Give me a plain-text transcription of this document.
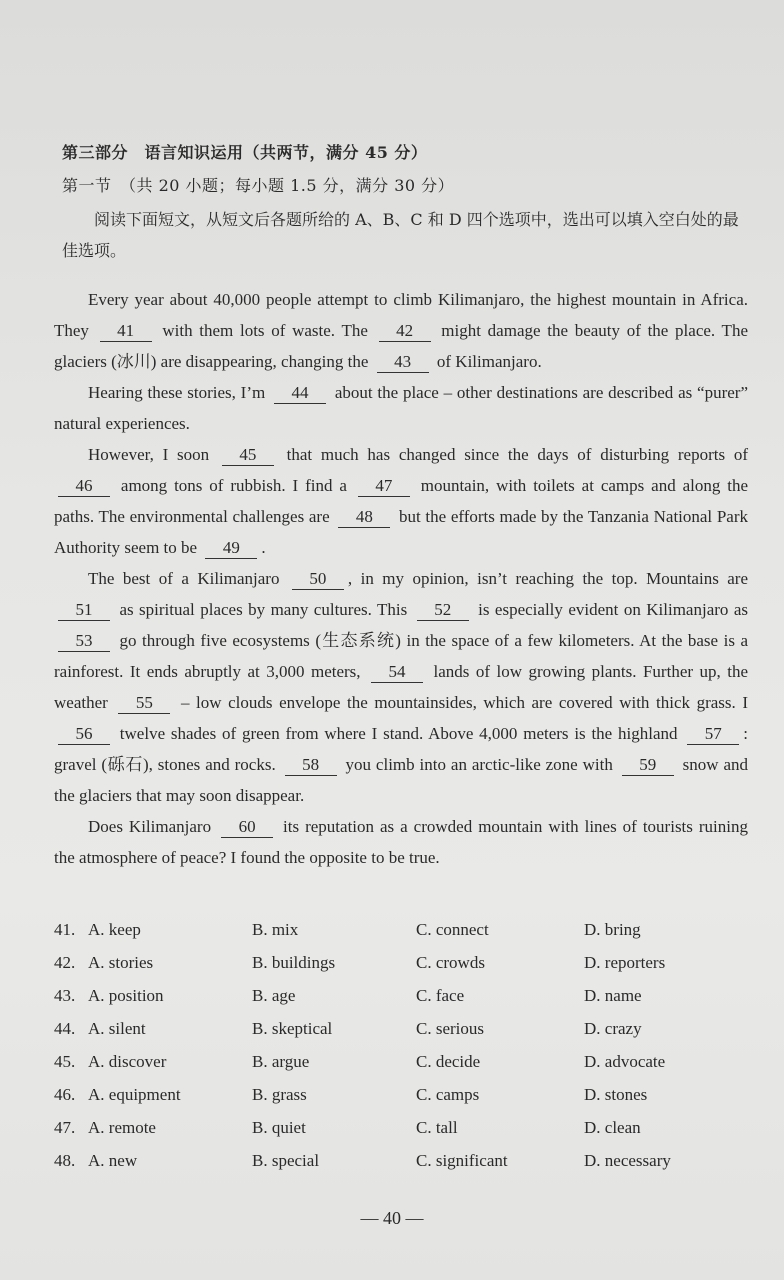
第三部分　语言知识运用（共两节，满分 45 分）
第一节　（共 20 小题；每小题 1.5 分，满分 30 分）
阅读下面短文，从短文后各题所给的 A、B、C 和 D 四个选项中，选出可以填入空白处的最佳选项。

Every year about 40,000 people attempt to climb Kilimanjaro, the highest mountain in Africa. They 41 with them lots of waste. The 42 might damage the beauty of the place. The glaciers (冰川) are disappearing, changing the 43 of Kilimanjaro.

Hearing these stories, I’m 44 about the place – other destinations are described as “purer” natural experiences.

However, I soon 45 that much has changed since the days of disturbing reports of 46 among tons of rubbish. I find a 47 mountain, with toilets at camps and along the paths. The environmental challenges are 48 but the efforts made by the Tanzania National Park Authority seem to be 49 .

The best of a Kilimanjaro 50 , in my opinion, isn’t reaching the top. Mountains are 51 as spiritual places by many cultures. This 52 is especially evident on Kilimanjaro as 53 go through five ecosystems (生态系统) in the space of a few kilometers. At the base is a rainforest. It ends abruptly at 3,000 meters, 54 lands of low growing plants. Further up, the weather 55 – low clouds envelope the mountainsides, which are covered with thick grass. I 56 twelve shades of green from where I stand. Above 4,000 meters is the highland 57 : gravel (砾石), stones and rocks. 58 you climb into an arctic-like zone with 59 snow and the glaciers that may soon disappear.

Does Kilimanjaro 60 its reputation as a crowded mountain with lines of tourists ruining the atmosphere of peace? I found the opposite to be true.

41. A. keep	B. mix	C. connect	D. bring
42. A. stories	B. buildings	C. crowds	D. reporters
43. A. position	B. age	C. face	D. name
44. A. silent	B. skeptical	C. serious	D. crazy
45. A. discover	B. argue	C. decide	D. advocate
46. A. equipment	B. grass	C. camps	D. stones
47. A. remote	B. quiet	C. tall	D. clean
48. A. new	B. special	C. significant	D. necessary
— 40 —
